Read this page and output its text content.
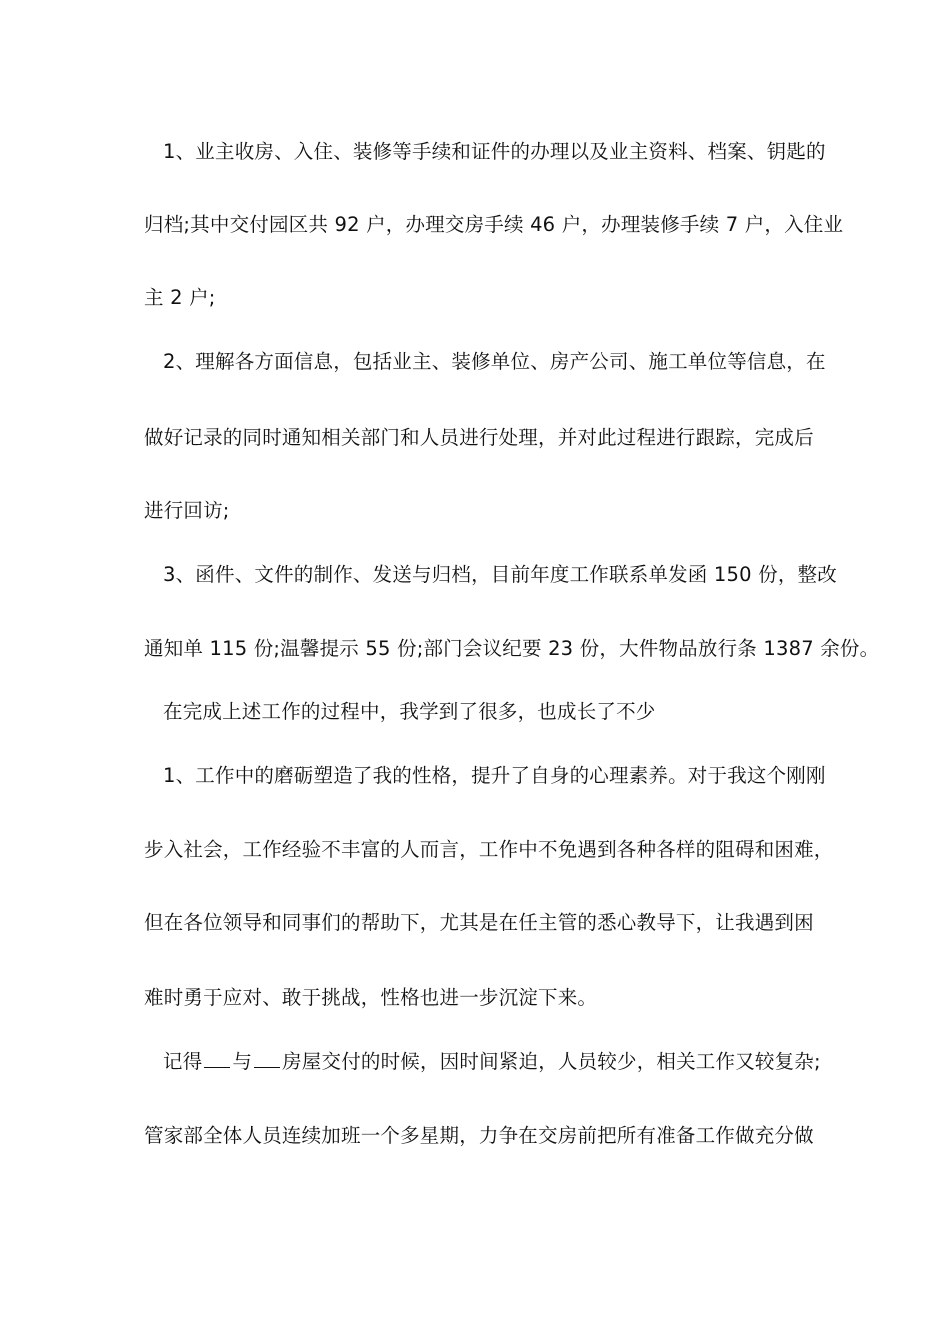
1、业主收房、入住、装修等手续和证件的办理以及业主资料、档案、钥匙的
归档;其中交付园区共 92 户，办理交房手续 46 户，办理装修手续 7 户，入住业
主 2 户;
2、理解各方面信息，包括业主、装修单位、房产公司、施工单位等信息，在
做好记录的同时通知相关部门和人员进行处理，并对此过程进行跟踪，完成后
进行回访;
3、函件、文件的制作、发送与归档，目前年度工作联系单发函 150 份，整改
通知单 115 份;温馨提示 55 份;部门会议纪要 23 份，大件物品放行条 1387 余份。
在完成上述工作的过程中，我学到了很多，也成长了不少
1、工作中的磨砺塑造了我的性格，提升了自身的心理素养。对于我这个刚刚
步入社会，工作经验不丰富的人而言，工作中不免遇到各种各样的阻碍和困难，
但在各位领导和同事们的帮助下，尤其是在任主管的悉心教导下，让我遇到困
难时勇于应对、敢于挑战，性格也进一步沉淀下来。
记得 与 房屋交付的时候，因时间紧迫，人员较少，相关工作又较复杂;
管家部全体人员连续加班一个多星期，力争在交房前把所有准备工作做充分做
